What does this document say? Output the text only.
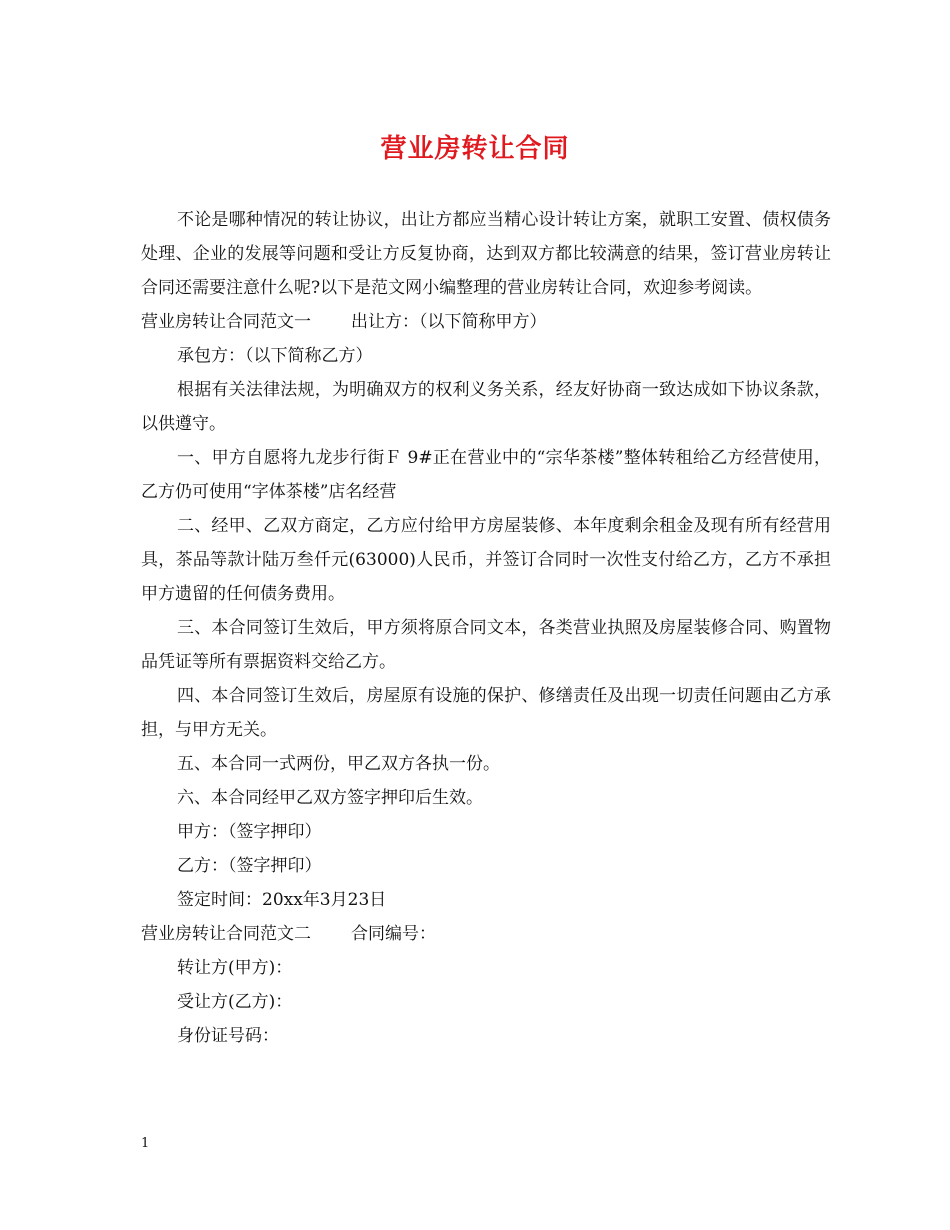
营业房转让合同

不论是哪种情况的转让协议，出让方都应当精心设计转让方案，就职工安置、债权债务处理、企业的发展等问题和受让方反复协商，达到双方都比较满意的结果，签订营业房转让合同还需要注意什么呢?以下是范文网小编整理的营业房转让合同，欢迎参考阅读。

营业房转让合同范文一 出让方：（以下简称甲方）

承包方：（以下简称乙方）

根据有关法律法规，为明确双方的权利义务关系，经友好协商一致达成如下协议条款，以供遵守。

一、甲方自愿将九龙步行街Ｆ 9#正在营业中的“宗华茶楼”整体转租给乙方经营使用，乙方仍可使用“字体茶楼”店名经营

二、经甲、乙双方商定，乙方应付给甲方房屋装修、本年度剩余租金及现有所有经营用具，茶品等款计陆万叁仟元(63000)人民币，并签订合同时一次性支付给乙方，乙方不承担甲方遗留的任何债务费用。

三、本合同签订生效后，甲方须将原合同文本，各类营业执照及房屋装修合同、购置物品凭证等所有票据资料交给乙方。

四、本合同签订生效后，房屋原有设施的保护、修缮责任及出现一切责任问题由乙方承担，与甲方无关。

五、本合同一式两份，甲乙双方各执一份。

六、本合同经甲乙双方签字押印后生效。

甲方：（签字押印）

乙方：（签字押印）

签定时间：20xx年3月23日

营业房转让合同范文二 合同编号：

转让方(甲方)：

受让方(乙方)：

身份证号码：

1
